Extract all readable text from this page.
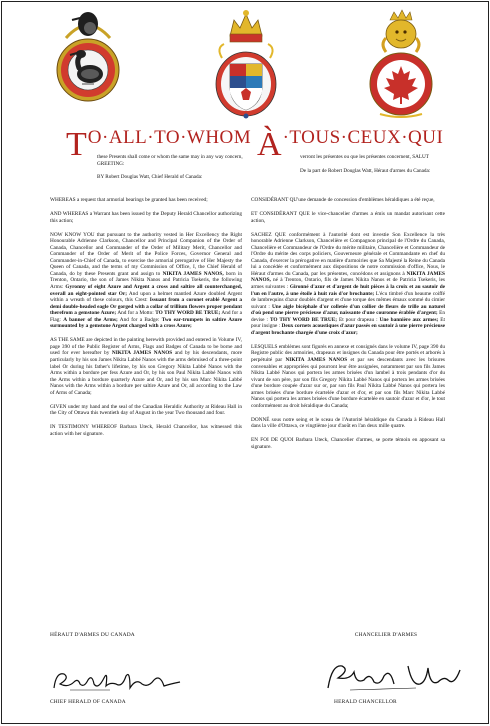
TO·ALL·TO·WHOM À·TOUS·CEUX·QUI
these Presents shall come or whom the same may in any way concern, GREETING:
BY Robert Douglas Watt, Chief Herald of Canada:
verront les présentes ou que les présentes concernent, SALUT
De la part de Robert Douglas Watt, Héraut d'armes du Canada:

WHEREAS a request that armorial bearings be granted has been received;

AND WHEREAS a Warrant has been issued by the Deputy Herald Chancellor authorizing this action;

NOW KNOW YOU that pursuant to the authority vested in Her Excellency the Right Honourable Adrienne Clarkson, Chancellor and Principal Companion of the Order of Canada, Chancellor and Commander of the Order of Military Merit, Chancellor and Commander of the Order of Merit of the Police Forces, Governor General and Commander-in-Chief of Canada, to exercise the armorial prerogative of Her Majesty the Queen of Canada, and the terms of my Commission of Office, I, the Chief Herald of Canada, do by these Presents grant and assign to NIKITA JAMES NANOS, born in Trenton, Ontario, the son of James Nikita Nanos and Patricia Tsekeris, the following Arms: Gyronny of eight Azure and Argent a cross and saltire all counterchanged, overall an eight-pointed star Or; And upon a helmet mantled Azure doubled Argent within a wreath of these colours, this Crest: Issuant from a coronet erablé Argent a demi double-headed eagle Or gorged with a collar of trillium flowers proper pendant therefrom a gemstone Azure; And for a Motto: TO THY WORD BE TRUE; And for a Flag: A banner of the Arms; And for a Badge: Two ear-trumpets in saltire Azure surmounted by a gemstone Argent charged with a cross Azure;

AS THE SAME are depicted in the painting herewith provided and entered in Volume IV, page 390 of the Public Register of Arms, Flags and Badges of Canada to be borne and used for ever hereafter by NIKITA JAMES NANOS and by his descendants, more particularly by his son James Nikita Labbé Nanos with the arms debruised of a three-point label Or during his father's lifetime, by his son Gregory Nikita Labbé Nanos with the Arms within a bordure per fess Azure and Or, by his son Paul Nikita Labbé Nanos with the Arms within a bordure quarterly Azure and Or, and by his son Marc Nikita Labbé Nanos with the Arms within a bordure per saltire Azure and Or, all according to the Law of Arms of Canada;

GIVEN under my hand and the seal of the Canadian Heraldic Authority at Rideau Hall in the City of Ottawa this twentieth day of August in the year Two thousand and four.

IN TESTIMONY WHEREOF Barbara Uteck, Herald Chancellor, has witnessed this action with her signature.

CONSIDÉRANT QU'une demande de concession d'emblèmes héraldiques a été reçue,

ET CONSIDÉRANT QUE le vice-chancelier d'armes a émis un mandat autorisant cette action,

SACHEZ QUE conformément à l'autorité dont est investie Son Excellence la très honorable Adrienne Clarkson, Chancelière et Compagnon principal de l'Ordre du Canada, Chancelière et Commandeur de l'Ordre du mérite militaire, Chancelière et Commandeur de l'Ordre du mérite des corps policiers, Gouverneure générale et Commandante en chef du Canada, d'exercer la prérogative en matière d'armoiries que Sa Majesté la Reine du Canada lui a concédée et conformément aux dispositions de notre commission d'office, Nous, le Héraut d'armes du Canada, par les présentes, concédons et assignons à NIKITA JAMES NANOS, né à Trenton, Ontario, fils de James Nikita Nanos et de Patricia Tsekeris, les armes suivantes : Gironné d'azur et d'argent de huit pièces à la croix et au sautoir de l'un en l'autre, à une étoile à huit rais d'or brochante; L'écu timbré d'un heaume coiffé de lambrequins d'azur doublés d'argent et d'une torque des mêmes émaux sommé du cimier suivant : Une aigle bicéphale d'or colletée d'un collier de fleurs de trille au naturel d'où pend une pierre précieuse d'azur, naissante d'une couronne érablée d'argent; En devise : TO THY WORD BE TRUE; Et pour drapeau : Une bannière aux armes; Et pour insigne : Deux cornets acoustiques d'azur passés en sautoir à une pierre précieuse d'argent brochante chargée d'une croix d'azur;

LESQUELS emblèmes sont figurés en annexe et consignés dans le volume IV, page 390 du Registre public des armoiries, drapeaux et insignes du Canada pour être portés et arborés à perpétuité par NIKITA JAMES NANOS et par ses descendants avec les brisures convenables et appropriées qui pourront leur être assignées, notamment par son fils James Nikita Labbé Nanos qui portera les armes brisées d'un lambel à trois pendants d'or du vivant de son père, par son fils Gregory Nikita Labbé Nanos qui portera les armes brisées d'une bordure coupée d'azur sur or, par son fils Paul Nikita Labbé Nanos qui portera les armes brisées d'une bordure écartelée d'azur et d'or, et par son fils Marc Nikita Labbé Nanos qui portera les armes brisées d'une bordure écartelée en sautoir d'azur et d'or, le tout conformément au droit héraldique du Canada;

DONNÉ sous notre seing et le sceau de l'Autorité héraldique du Canada à Rideau Hall dans la ville d'Ottawa, ce vingtième jour d'août en l'an deux mille quatre.

EN FOI DE QUOI Barbara Uteck, Chancelier d'armes, se porte témoin en apposant sa signature.

HÉRAUT D'ARMES DU CANADA	CHANCELIER D'ARMES
CHIEF HERALD OF CANADA	HERALD CHANCELLOR
